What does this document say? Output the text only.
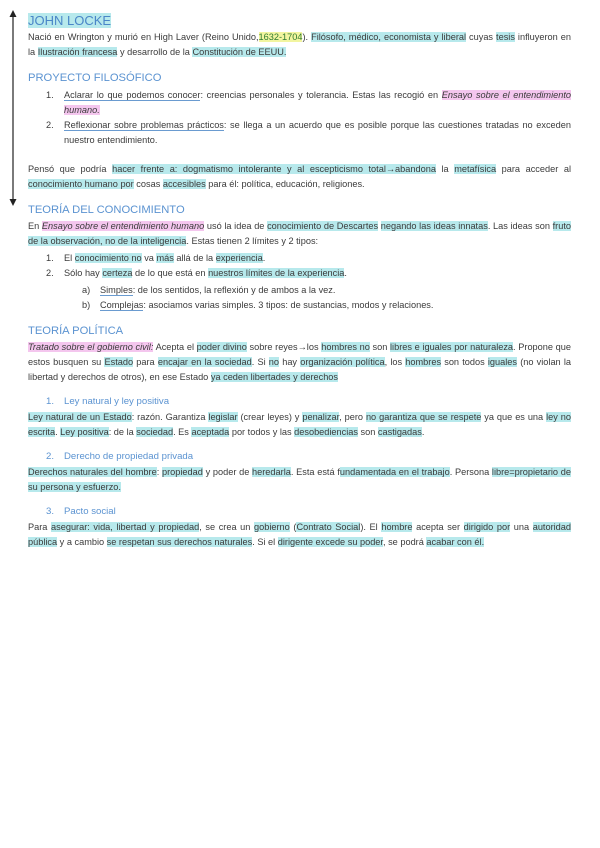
JOHN LOCKE

Nació en Wrington y murió en High Laver (Reino Unido,1632-1704). Filósofo, médico, economista y liberal cuyas tesis influyeron en la Ilustración francesa y desarrollo de la Constitución de EEUU.

PROYECTO FILOSÓFICO
1. Aclarar lo que podemos conocer: creencias personales y tolerancia. Estas las recogió en Ensayo sobre el entendimiento humano.
2. Reflexionar sobre problemas prácticos: se llega a un acuerdo que es posible porque las cuestiones tratadas no exceden nuestro entendimiento.

Pensó que podría hacer frente a: dogmatismo intolerante y al escepticismo total→abandona la metafísica para acceder al conocimiento humano por cosas accesibles para él: política, educación, religiones.

TEORÍA DEL CONOCIMIENTO

En Ensayo sobre el entendimiento humano usó la idea de conocimiento de Descartes negando las ideas innatas. Las ideas son fruto de la observación, no de la inteligencia. Estas tienen 2 límites y 2 tipos:

1. El conocimiento no va más allá de la experiencia.
2. Sólo hay certeza de lo que está en nuestros límites de la experiencia.
a) Simples: de los sentidos, la reflexión y de ambos a la vez.
b) Complejas: asociamos varias simples. 3 tipos: de sustancias, modos y relaciones.
TEORÍA POLÍTICA

Tratado sobre el gobierno civil: Acepta el poder divino sobre reyes→los hombres no son libres e iguales por naturaleza. Propone que estos busquen su Estado para encajar en la sociedad. Si no hay organización política, los hombres son todos iguales (no violan la libertad y derechos de otros), en ese Estado ya ceden libertades y derechos

1. Ley natural y ley positiva

Ley natural de un Estado: razón. Garantiza legislar (crear leyes) y penalizar, pero no garantiza que se respete ya que es una ley no escrita. Ley positiva: de la sociedad. Es aceptada por todos y las desobediencias son castigadas.

2. Derecho de propiedad privada

Derechos naturales del hombre: propiedad y poder de heredarla. Esta está fundamentada en el trabajo. Persona libre=propietario de su persona y esfuerzo.

3. Pacto social

Para asegurar: vida, libertad y propiedad, se crea un gobierno (Contrato Social). El hombre acepta ser dirigido por una autoridad pública y a cambio se respetan sus derechos naturales. Si el dirigente excede su poder, se podrá acabar con él.
